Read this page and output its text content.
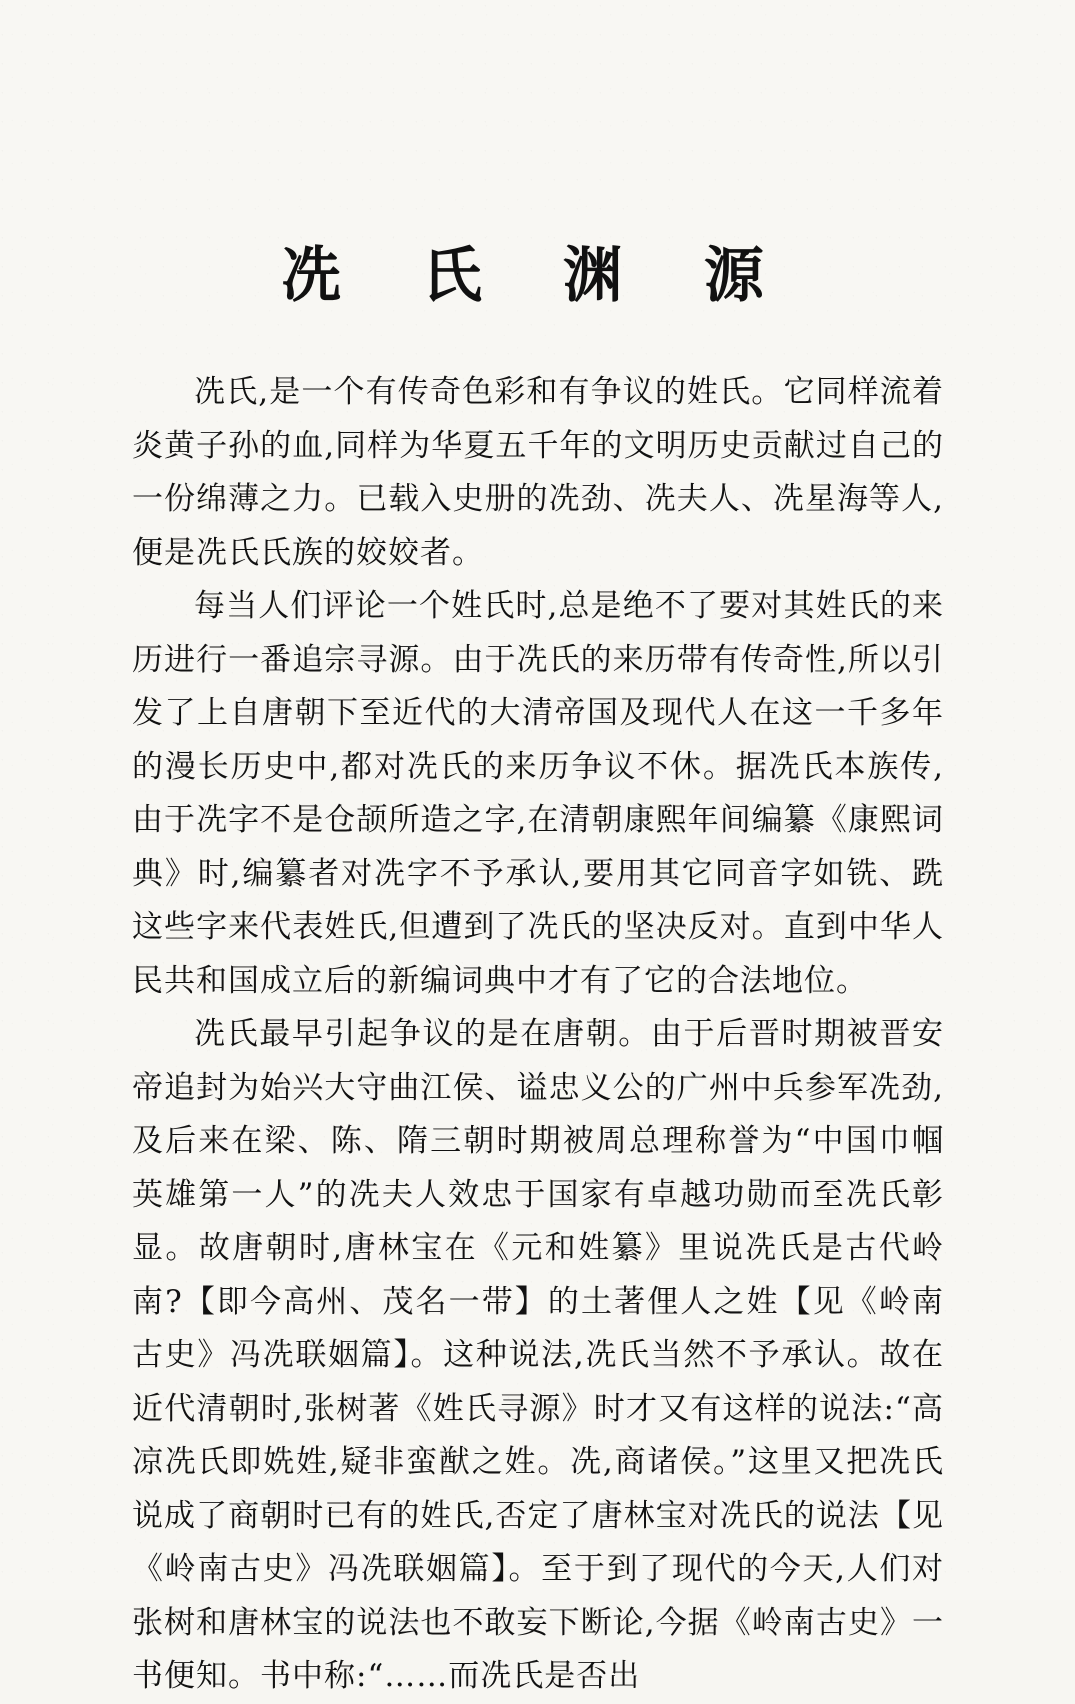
冼 氏 渊 源

冼氏,是一个有传奇色彩和有争议的姓氏。它同样流着炎黄子孙的血,同样为华夏五千年的文明历史贡献过自己的一份绵薄之力。已载入史册的冼劲、冼夫人、冼星海等人,便是冼氏氏族的姣姣者。

每当人们评论一个姓氏时,总是绝不了要对其姓氏的来历进行一番追宗寻源。由于冼氏的来历带有传奇性,所以引发了上自唐朝下至近代的大清帝国及现代人在这一千多年的漫长历史中,都对冼氏的来历争议不休。据冼氏本族传,由于冼字不是仓颉所造之字,在清朝康熙年间编纂《康熙词典》时,编纂者对冼字不予承认,要用其它同音字如铣、跣这些字来代表姓氏,但遭到了冼氏的坚决反对。直到中华人民共和国成立后的新编词典中才有了它的合法地位。

冼氏最早引起争议的是在唐朝。由于后晋时期被晋安帝追封为始兴大守曲江侯、谥忠义公的广州中兵参军冼劲,及后来在梁、陈、隋三朝时期被周总理称誉为“中国巾帼英雄第一人”的冼夫人效忠于国家有卓越功勋而至冼氏彰显。故唐朝时,唐林宝在《元和姓纂》里说冼氏是古代岭南?【即今高州、茂名一带】的土著俚人之姓【见《岭南古史》冯冼联姻篇】。这种说法,冼氏当然不予承认。故在近代清朝时,张树著《姓氏寻源》时才又有这样的说法:“高凉冼氏即姺姓,疑非蛮猷之姓。冼,商诸侯。”这里又把冼氏说成了商朝时已有的姓氏,否定了唐林宝对冼氏的说法【见《岭南古史》冯冼联姻篇】。至于到了现代的今天,人们对张树和唐林宝的说法也不敢妄下断论,今据《岭南古史》一书便知。书中称:“……而冼氏是否出
